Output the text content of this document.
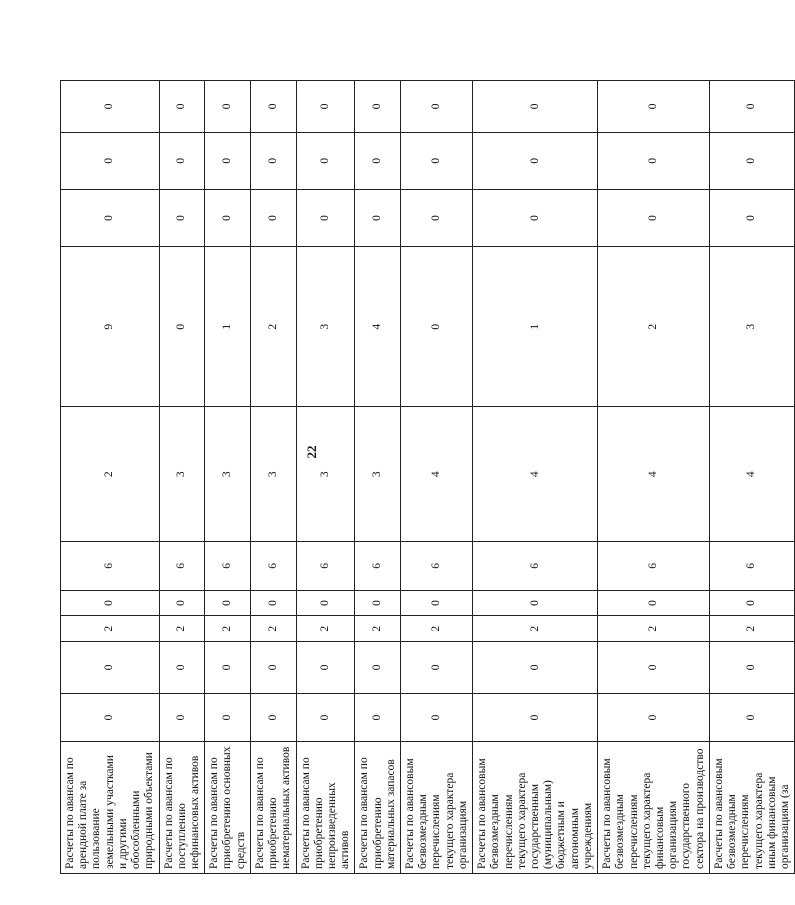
22
Расчеты по авансам по арендной плате за пользование земельными участками и другими обособленными природными объектами	0	0	2	0	6	2	9	0	0	0
Расчеты по авансам по поступлению нефинансовых активов	0	0	2	0	6	3	0	0	0	0
Расчеты по авансам по приобретению основных средств	0	0	2	0	6	3	1	0	0	0
Расчеты по авансам по приобретению нематериальных активов	0	0	2	0	6	3	2	0	0	0
Расчеты по авансам по приобретению непроизведенных активов	0	0	2	0	6	3	3	0	0	0
Расчеты по авансам по приобретению материальных запасов	0	0	2	0	6	3	4	0	0	0
Расчеты по авансовым безвозмездным перечислениям текущего характера организациям	0	0	2	0	6	4	0	0	0	0
Расчеты по авансовым безвозмездным перечислениям текущего характера государственным (муниципальным) бюджетным и автономным учреждениям	0	0	2	0	6	4	1	0	0	0
Расчеты по авансовым безвозмездным перечислениям текущего характера финансовым организациям государственного сектора на производство	0	0	2	0	6	4	2	0	0	0
Расчеты по авансовым безвозмездным перечислениям текущего характера иным финансовым организациям (за	0	0	2	0	6	4	3	0	0	0
